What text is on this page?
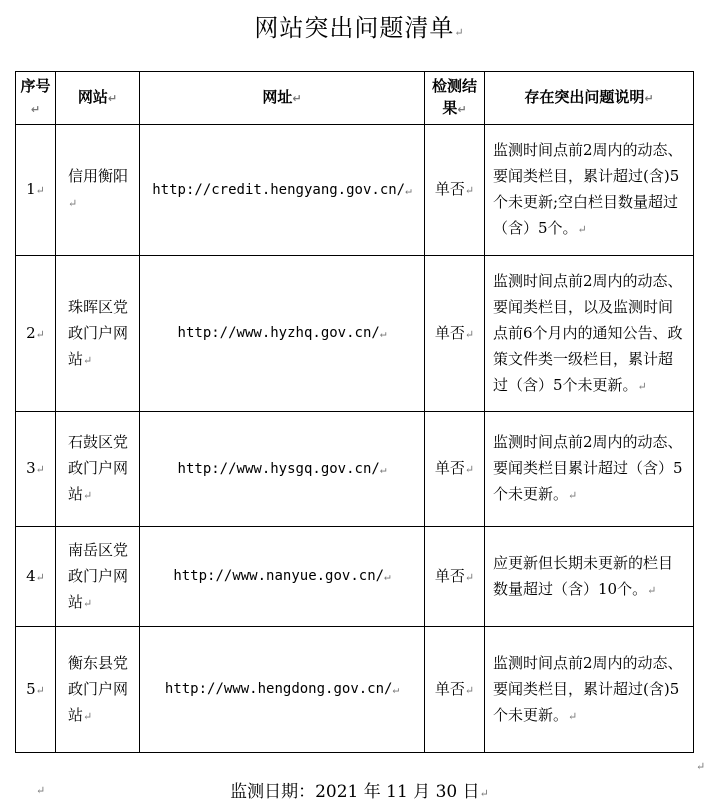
网站突出问题清单↵
序号↵	网站↵	网址↵	检测结果↵	存在突出问题说明↵
1↵	信用衡阳↵	http://credit.hengyang.gov.cn/↵	单否↵	监测时间点前2周内的动态、要闻类栏目，累计超过(含)5个未更新;空白栏目数量超过（含）5个。↵
2↵	珠晖区党政门户网站↵	http://www.hyzhq.gov.cn/↵	单否↵	监测时间点前2周内的动态、要闻类栏目，以及监测时间点前6个月内的通知公告、政策文件类一级栏目，累计超过（含）5个未更新。↵
3↵	石鼓区党政门户网站↵	http://www.hysgq.gov.cn/↵	单否↵	监测时间点前2周内的动态、要闻类栏目累计超过（含）5个未更新。↵
4↵	南岳区党政门户网站↵	http://www.nanyue.gov.cn/↵	单否↵	应更新但长期未更新的栏目数量超过（含）10个。↵
5↵	衡东县党政门户网站↵	http://www.hengdong.gov.cn/↵	单否↵	监测时间点前2周内的动态、要闻类栏目，累计超过(含)5个未更新。↵
↵
↵
监测日期：2021 年 11 月 30 日↵
